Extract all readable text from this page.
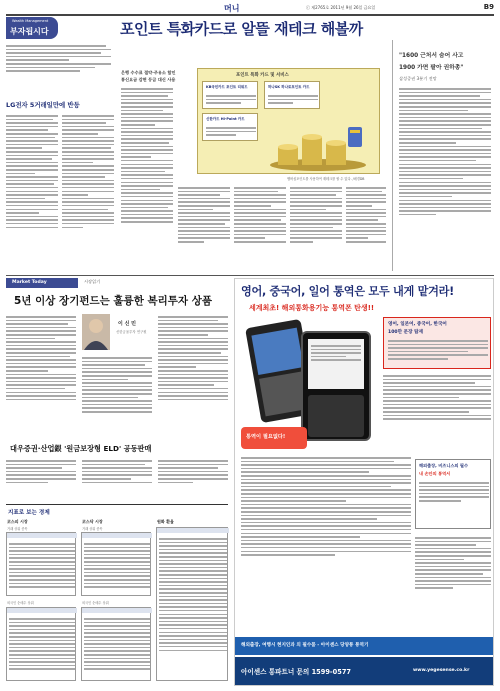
머니	ⓒ 제2765호 2011년 9월 26일 금요일	B9
Wealth Management
부자됩시다	포인트 특화카드로 알뜰 재테크 해볼까
은행 수수료 절약·주유소 할인
통신요금 감면 등급 대신 사용
LG전자 5거래일만에 반등
포인트 특화 카드 및 서비스
KB국민카드 포인트 리워드
신한카드 Hi-Point 카드
하나SK 하나로포인트 카드
멤버십포인트를 사용하여 재테크를 할 수 있다. /매경DB
"1600 근처서 숨어 사고
1900 가면 팔아 권하총"
삼성증권 3분기 전망
Market Today	시장읽기
5년 이상 장기펀드는 훌륭한 복리투자 상품
이 신 민
신한금융투자 연구원
대우증권·산업銀 '원금보장형 ELD' 공동판매
지표로 보는 경제
코스피 시장
거래 상위 종목
외국인 순매수 상위
코스닥 시장
거래 상위 종목
외국인 순매수 상위
원화 환율
영어, 중국어, 일어 통역은 모두 내게 맡겨라!
세계최초! 해외통화용기능 통역폰 탄생!!
영어, 일본어, 중국어, 한국어
100만 문장 탑재
통역이 필요없다!
해외출장, 비즈니스의 필수
내 손안의 통역서
해외출장, 여행시 현지인과 의 필수품 - 아이센스 당양통 통역기
아이센스 통파트너 문의 1599-0577	www.yegesense.co.kr
